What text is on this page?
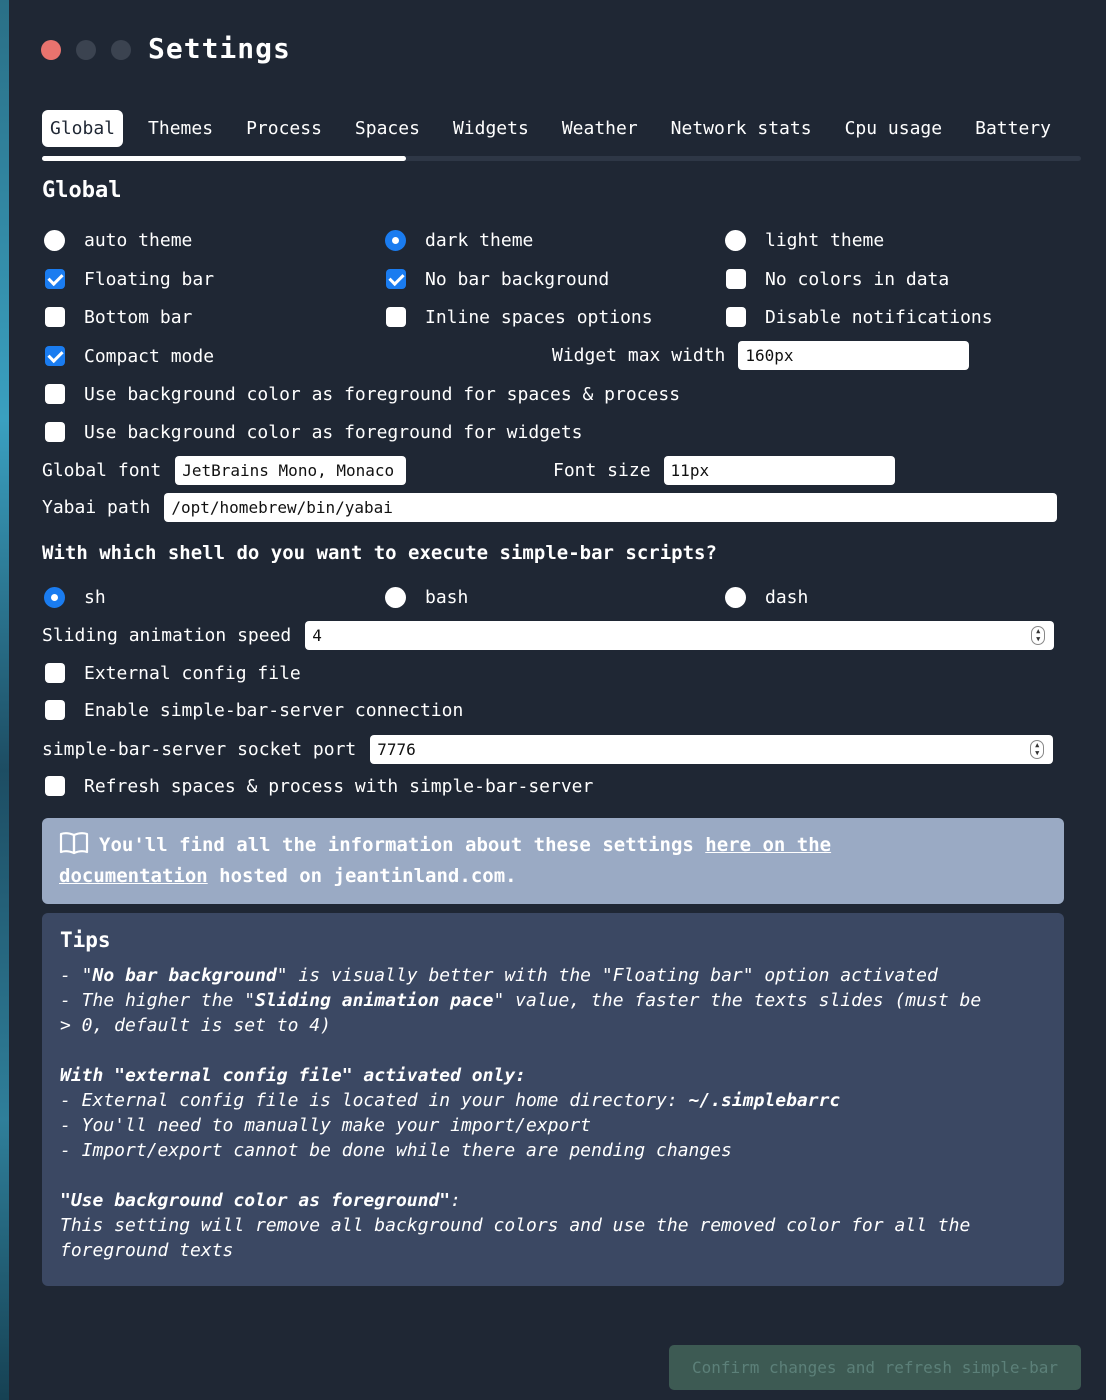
Settings
Global	Themes	Process	Spaces	Widgets	Weather	Network stats	Cpu usage	Battery
Global
auto theme	dark theme	light theme
Floating bar	No bar background	No colors in data
Bottom bar	Inline spaces options	Disable notifications
Compact mode	Widget max width	160px
Use background color as foreground for spaces & process
Use background color as foreground for widgets
Global font	JetBrains Mono, Monaco	Font size	11px
Yabai path	/opt/homebrew/bin/yabai
With which shell do you want to execute simple-bar scripts?
sh	bash	dash
Sliding animation speed	4	▲
▼
External config file
Enable simple-bar-server connection
simple-bar-server socket port	7776	▲
▼
Refresh spaces & process with simple-bar-server
You'll find all the information about these settings here on the
documentation hosted on jeantinland.com.
Tips

- "No bar background" is visually better with the "Floating bar" option activated

- The higher the "Sliding animation pace" value, the faster the texts slides (must be

> 0, default is set to 4)

With "external config file" activated only:

- External config file is located in your home directory: ~/.simplebarrc

- You'll need to manually make your import/export

- Import/export cannot be done while there are pending changes

"Use background color as foreground":

This setting will remove all background colors and use the removed color for all the

foreground texts

Confirm changes and refresh simple-bar
